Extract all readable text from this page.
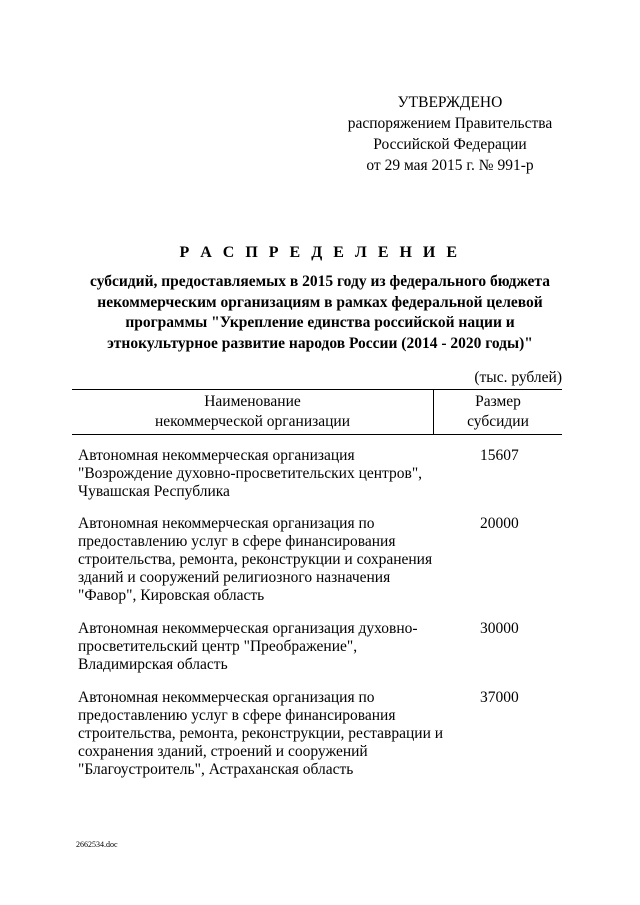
УТВЕРЖДЕНО
распоряжением Правительства
Российской Федерации
от 29 мая 2015 г. № 991-р
Р А С П Р Е Д Е Л Е Н И Е
субсидий, предоставляемых в 2015 году из федерального бюджета
некоммерческим организациям в рамках федеральной целевой
программы "Укрепление единства российской нации и
этнокультурное развитие народов России (2014 - 2020 годы)"
(тыс. рублей)
Наименование
некоммерческой организации
Размер
субсидии
Автономная некоммерческая организация
"Возрождение духовно-просветительских центров",
Чувашская Республика
15607
Автономная некоммерческая организация по
предоставлению услуг в сфере финансирования
строительства, ремонта, реконструкции и сохранения
зданий и сооружений религиозного назначения
"Фавор", Кировская область
20000
Автономная некоммерческая организация духовно-
просветительский центр "Преображение",
Владимирская область
30000
Автономная некоммерческая организация по
предоставлению услуг в сфере финансирования
строительства, ремонта, реконструкции, реставрации и
сохранения зданий, строений и сооружений
"Благоустроитель", Астраханская область
37000
2662534.doc
